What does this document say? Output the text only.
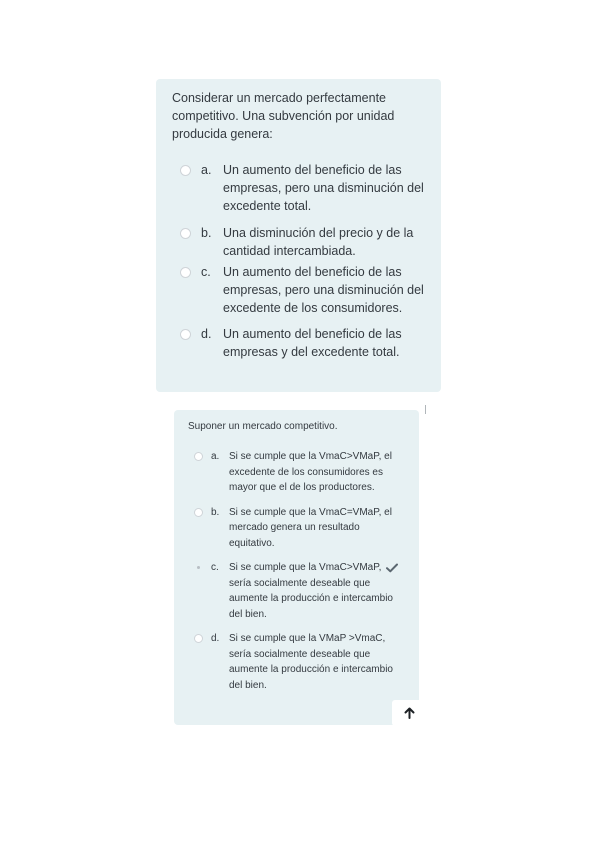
Considerar un mercado perfectamente competitivo. Una subvención por unidad producida genera:

a. Un aumento del beneficio de las empresas, pero una disminución del excedente total.
b. Una disminución del precio y de la cantidad intercambiada.
c. Un aumento del beneficio de las empresas, pero una disminución del excedente de los consumidores.
d. Un aumento del beneficio de las empresas y del excedente total.

Suponer un mercado competitivo.

a. Si se cumple que la VmaC>VMaP, el excedente de los consumidores es mayor que el de los productores.
b. Si se cumple que la VmaC=VMaP, el mercado genera un resultado equitativo.
c.	Si se cumple que la VmaC>VMaP, sería socialmente deseable que aumente la producción e intercambio del bien.
d. Si se cumple que la VMaP >VmaC, sería socialmente deseable que aumente la producción e intercambio del bien.
